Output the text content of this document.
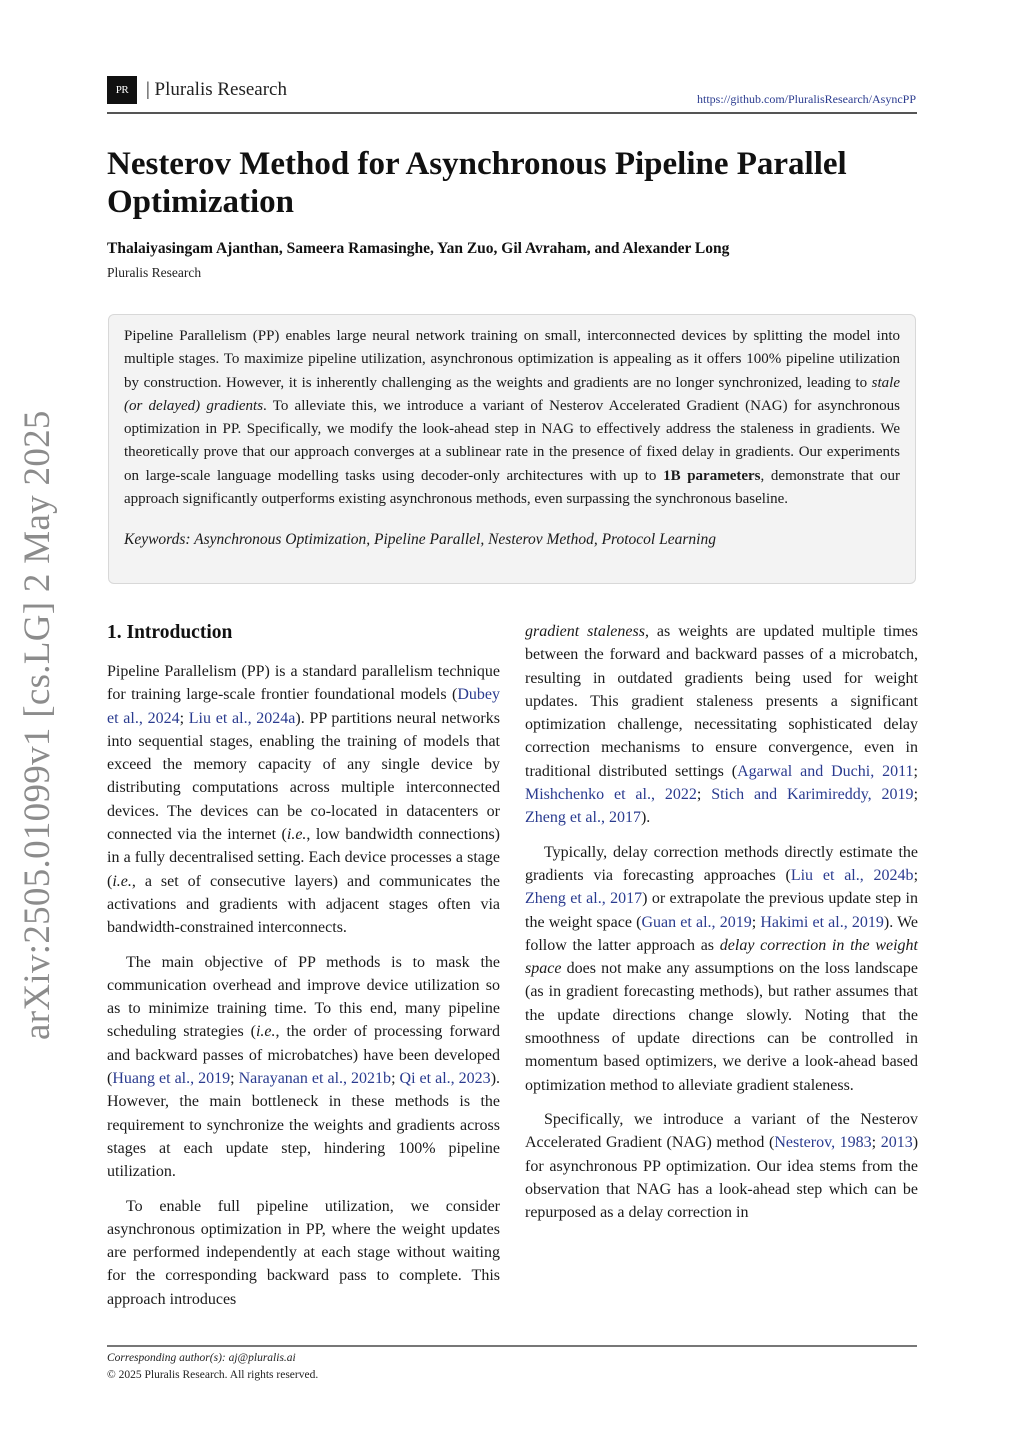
PR | Pluralis Research	https://github.com/PluralisResearch/AsyncPP
Nesterov Method for Asynchronous Pipeline Parallel Optimization
Thalaiyasingam Ajanthan, Sameera Ramasinghe, Yan Zuo, Gil Avraham, and Alexander Long
Pluralis Research

Pipeline Parallelism (PP) enables large neural network training on small, interconnected devices by splitting the model into multiple stages. To maximize pipeline utilization, asynchronous optimization is appealing as it offers 100% pipeline utilization by construction. However, it is inherently challenging as the weights and gradients are no longer synchronized, leading to stale (or delayed) gradients. To alleviate this, we introduce a variant of Nesterov Accelerated Gradient (NAG) for asynchronous optimization in PP. Specifically, we modify the look-ahead step in NAG to effectively address the staleness in gradients. We theoretically prove that our approach converges at a sublinear rate in the presence of fixed delay in gradients. Our experiments on large-scale language modelling tasks using decoder-only architectures with up to 1B parameters, demonstrate that our approach significantly outperforms existing asynchronous methods, even surpassing the synchronous baseline.

Keywords: Asynchronous Optimization, Pipeline Parallel, Nesterov Method, Protocol Learning

arXiv:2505.01099v1 [cs.LG] 2 May 2025	1. Introduction

Pipeline Parallelism (PP) is a standard parallelism technique for training large-scale frontier foundational models (Dubey et al., 2024; Liu et al., 2024a). PP partitions neural networks into sequential stages, enabling the training of models that exceed the memory capacity of any single device by distributing computations across multiple interconnected devices. The devices can be co-located in datacenters or connected via the internet (i.e., low bandwidth connections) in a fully decentralised setting. Each device processes a stage (i.e., a set of consecutive layers) and communicates the activations and gradients with adjacent stages often via bandwidth-constrained interconnects.

The main objective of PP methods is to mask the communication overhead and improve device utilization so as to minimize training time. To this end, many pipeline scheduling strategies (i.e., the order of processing forward and backward passes of microbatches) have been developed (Huang et al., 2019; Narayanan et al., 2021b; Qi et al., 2023). However, the main bottleneck in these methods is the requirement to synchronize the weights and gradients across stages at each update step, hindering 100% pipeline utilization.

To enable full pipeline utilization, we consider asynchronous optimization in PP, where the weight updates are performed independently at each stage without waiting for the corresponding backward pass to complete. This approach introduces

gradient staleness, as weights are updated multiple times between the forward and backward passes of a microbatch, resulting in outdated gradients being used for weight updates. This gradient staleness presents a significant optimization challenge, necessitating sophisticated delay correction mechanisms to ensure convergence, even in traditional distributed settings (Agarwal and Duchi, 2011; Mishchenko et al., 2022; Stich and Karimireddy, 2019; Zheng et al., 2017).

Typically, delay correction methods directly estimate the gradients via forecasting approaches (Liu et al., 2024b; Zheng et al., 2017) or extrapolate the previous update step in the weight space (Guan et al., 2019; Hakimi et al., 2019). We follow the latter approach as delay correction in the weight space does not make any assumptions on the loss landscape (as in gradient forecasting methods), but rather assumes that the update directions change slowly. Noting that the smoothness of update directions can be controlled in momentum based optimizers, we derive a look-ahead based optimization method to alleviate gradient staleness.

Specifically, we introduce a variant of the Nesterov Accelerated Gradient (NAG) method (Nesterov, 1983; 2013) for asynchronous PP optimization. Our idea stems from the observation that NAG has a look-ahead step which can be repurposed as a delay correction in

Corresponding author(s): aj@pluralis.ai
© 2025 Pluralis Research. All rights reserved.
